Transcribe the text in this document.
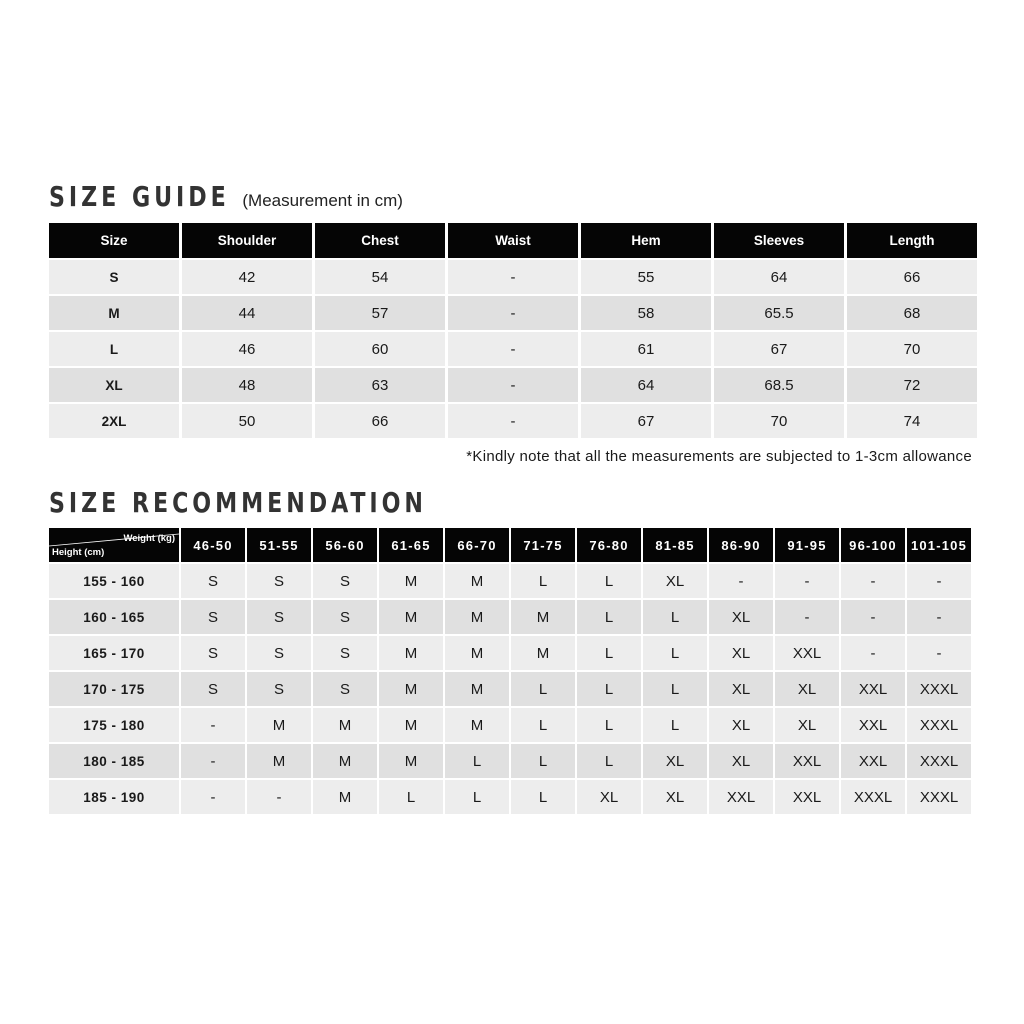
SIZE GUIDE (Measurement in cm)
Size	Shoulder	Chest	Waist	Hem	Sleeves	Length
S	42	54	-	55	64	66
M	44	57	-	58	65.5	68
L	46	60	-	61	67	70
XL	48	63	-	64	68.5	72
2XL	50	66	-	67	70	74
*Kindly note that all the measurements are subjected to 1-3cm allowance
SIZE RECOMMENDATION
Weight (kg)
Height (cm)	46-50	51-55	56-60	61-65	66-70	71-75	76-80	81-85	86-90	91-95	96-100	101-105
155 - 160	S	S	S	M	M	L	L	XL	-	-	-	-
160 - 165	S	S	S	M	M	M	L	L	XL	-	-	-
165 - 170	S	S	S	M	M	M	L	L	XL	XXL	-	-
170 - 175	S	S	S	M	M	L	L	L	XL	XL	XXL	XXXL
175 - 180	-	M	M	M	M	L	L	L	XL	XL	XXL	XXXL
180 - 185	-	M	M	M	L	L	L	XL	XL	XXL	XXL	XXXL
185 - 190	-	-	M	L	L	L	XL	XL	XXL	XXL	XXXL	XXXL
